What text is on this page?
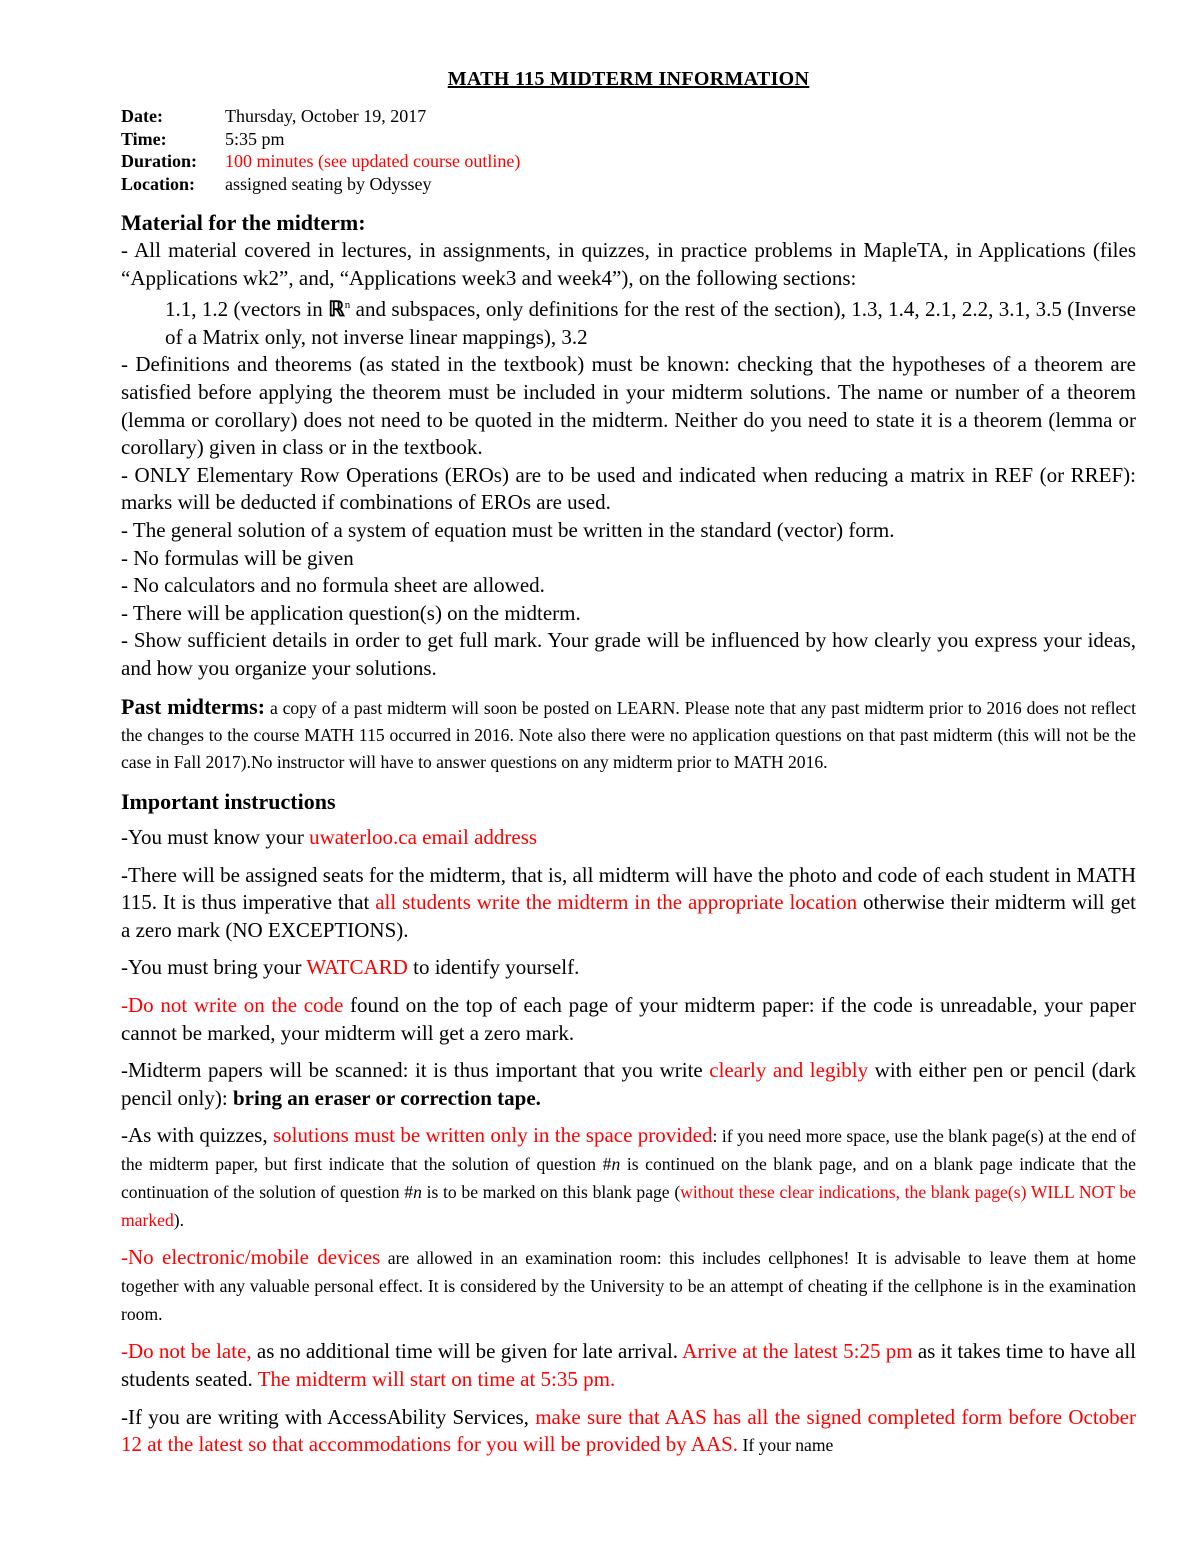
MATH 115 MIDTERM INFORMATION
Date:	Thursday, October 19, 2017
Time:	5:35 pm
Duration:	100 minutes (see updated course outline)
Location:	assigned seating by Odyssey
Material for the midterm:

- All material covered in lectures, in assignments, in quizzes, in practice problems in MapleTA, in Applications (files “Applications wk2”, and, “Applications week3 and week4”), on the following sections:

1.1, 1.2 (vectors in ℝ$^n$ and subspaces, only definitions for the rest of the section), 1.3, 1.4, 2.1, 2.2, 3.1, 3.5 (Inverse of a Matrix only, not inverse linear mappings), 3.2

- Definitions and theorems (as stated in the textbook) must be known: checking that the hypotheses of a theorem are satisfied before applying the theorem must be included in your midterm solutions. The name or number of a theorem (lemma or corollary) does not need to be quoted in the midterm. Neither do you need to state it is a theorem (lemma or corollary) given in class or in the textbook.

- ONLY Elementary Row Operations (EROs) are to be used and indicated when reducing a matrix in REF (or RREF): marks will be deducted if combinations of EROs are used.

- The general solution of a system of equation must be written in the standard (vector) form.

- No formulas will be given

- No calculators and no formula sheet are allowed.

- There will be application question(s) on the midterm.

- Show sufficient details in order to get full mark. Your grade will be influenced by how clearly you express your ideas, and how you organize your solutions.

Past midterms: a copy of a past midterm will soon be posted on LEARN. Please note that any past midterm prior to 2016 does not reflect the changes to the course MATH 115 occurred in 2016. Note also there were no application questions on that past midterm (this will not be the case in Fall 2017).No instructor will have to answer questions on any midterm prior to MATH 2016.

Important instructions

-You must know your uwaterloo.ca email address

-There will be assigned seats for the midterm, that is, all midterm will have the photo and code of each student in MATH 115. It is thus imperative that all students write the midterm in the appropriate location otherwise their midterm will get a zero mark (NO EXCEPTIONS).

-You must bring your WATCARD to identify yourself.

-Do not write on the code found on the top of each page of your midterm paper: if the code is unreadable, your paper cannot be marked, your midterm will get a zero mark.

-Midterm papers will be scanned: it is thus important that you write clearly and legibly with either pen or pencil (dark pencil only): bring an eraser or correction tape.

-As with quizzes, solutions must be written only in the space provided: if you need more space, use the blank page(s) at the end of the midterm paper, but first indicate that the solution of question #n is continued on the blank page, and on a blank page indicate that the continuation of the solution of question #n is to be marked on this blank page (without these clear indications, the blank page(s) WILL NOT be marked).

-No electronic/mobile devices are allowed in an examination room: this includes cellphones! It is advisable to leave them at home together with any valuable personal effect. It is considered by the University to be an attempt of cheating if the cellphone is in the examination room.

-Do not be late, as no additional time will be given for late arrival. Arrive at the latest 5:25 pm as it takes time to have all students seated. The midterm will start on time at 5:35 pm.

-If you are writing with AccessAbility Services, make sure that AAS has all the signed completed form before October 12 at the latest so that accommodations for you will be provided by AAS. If your name
